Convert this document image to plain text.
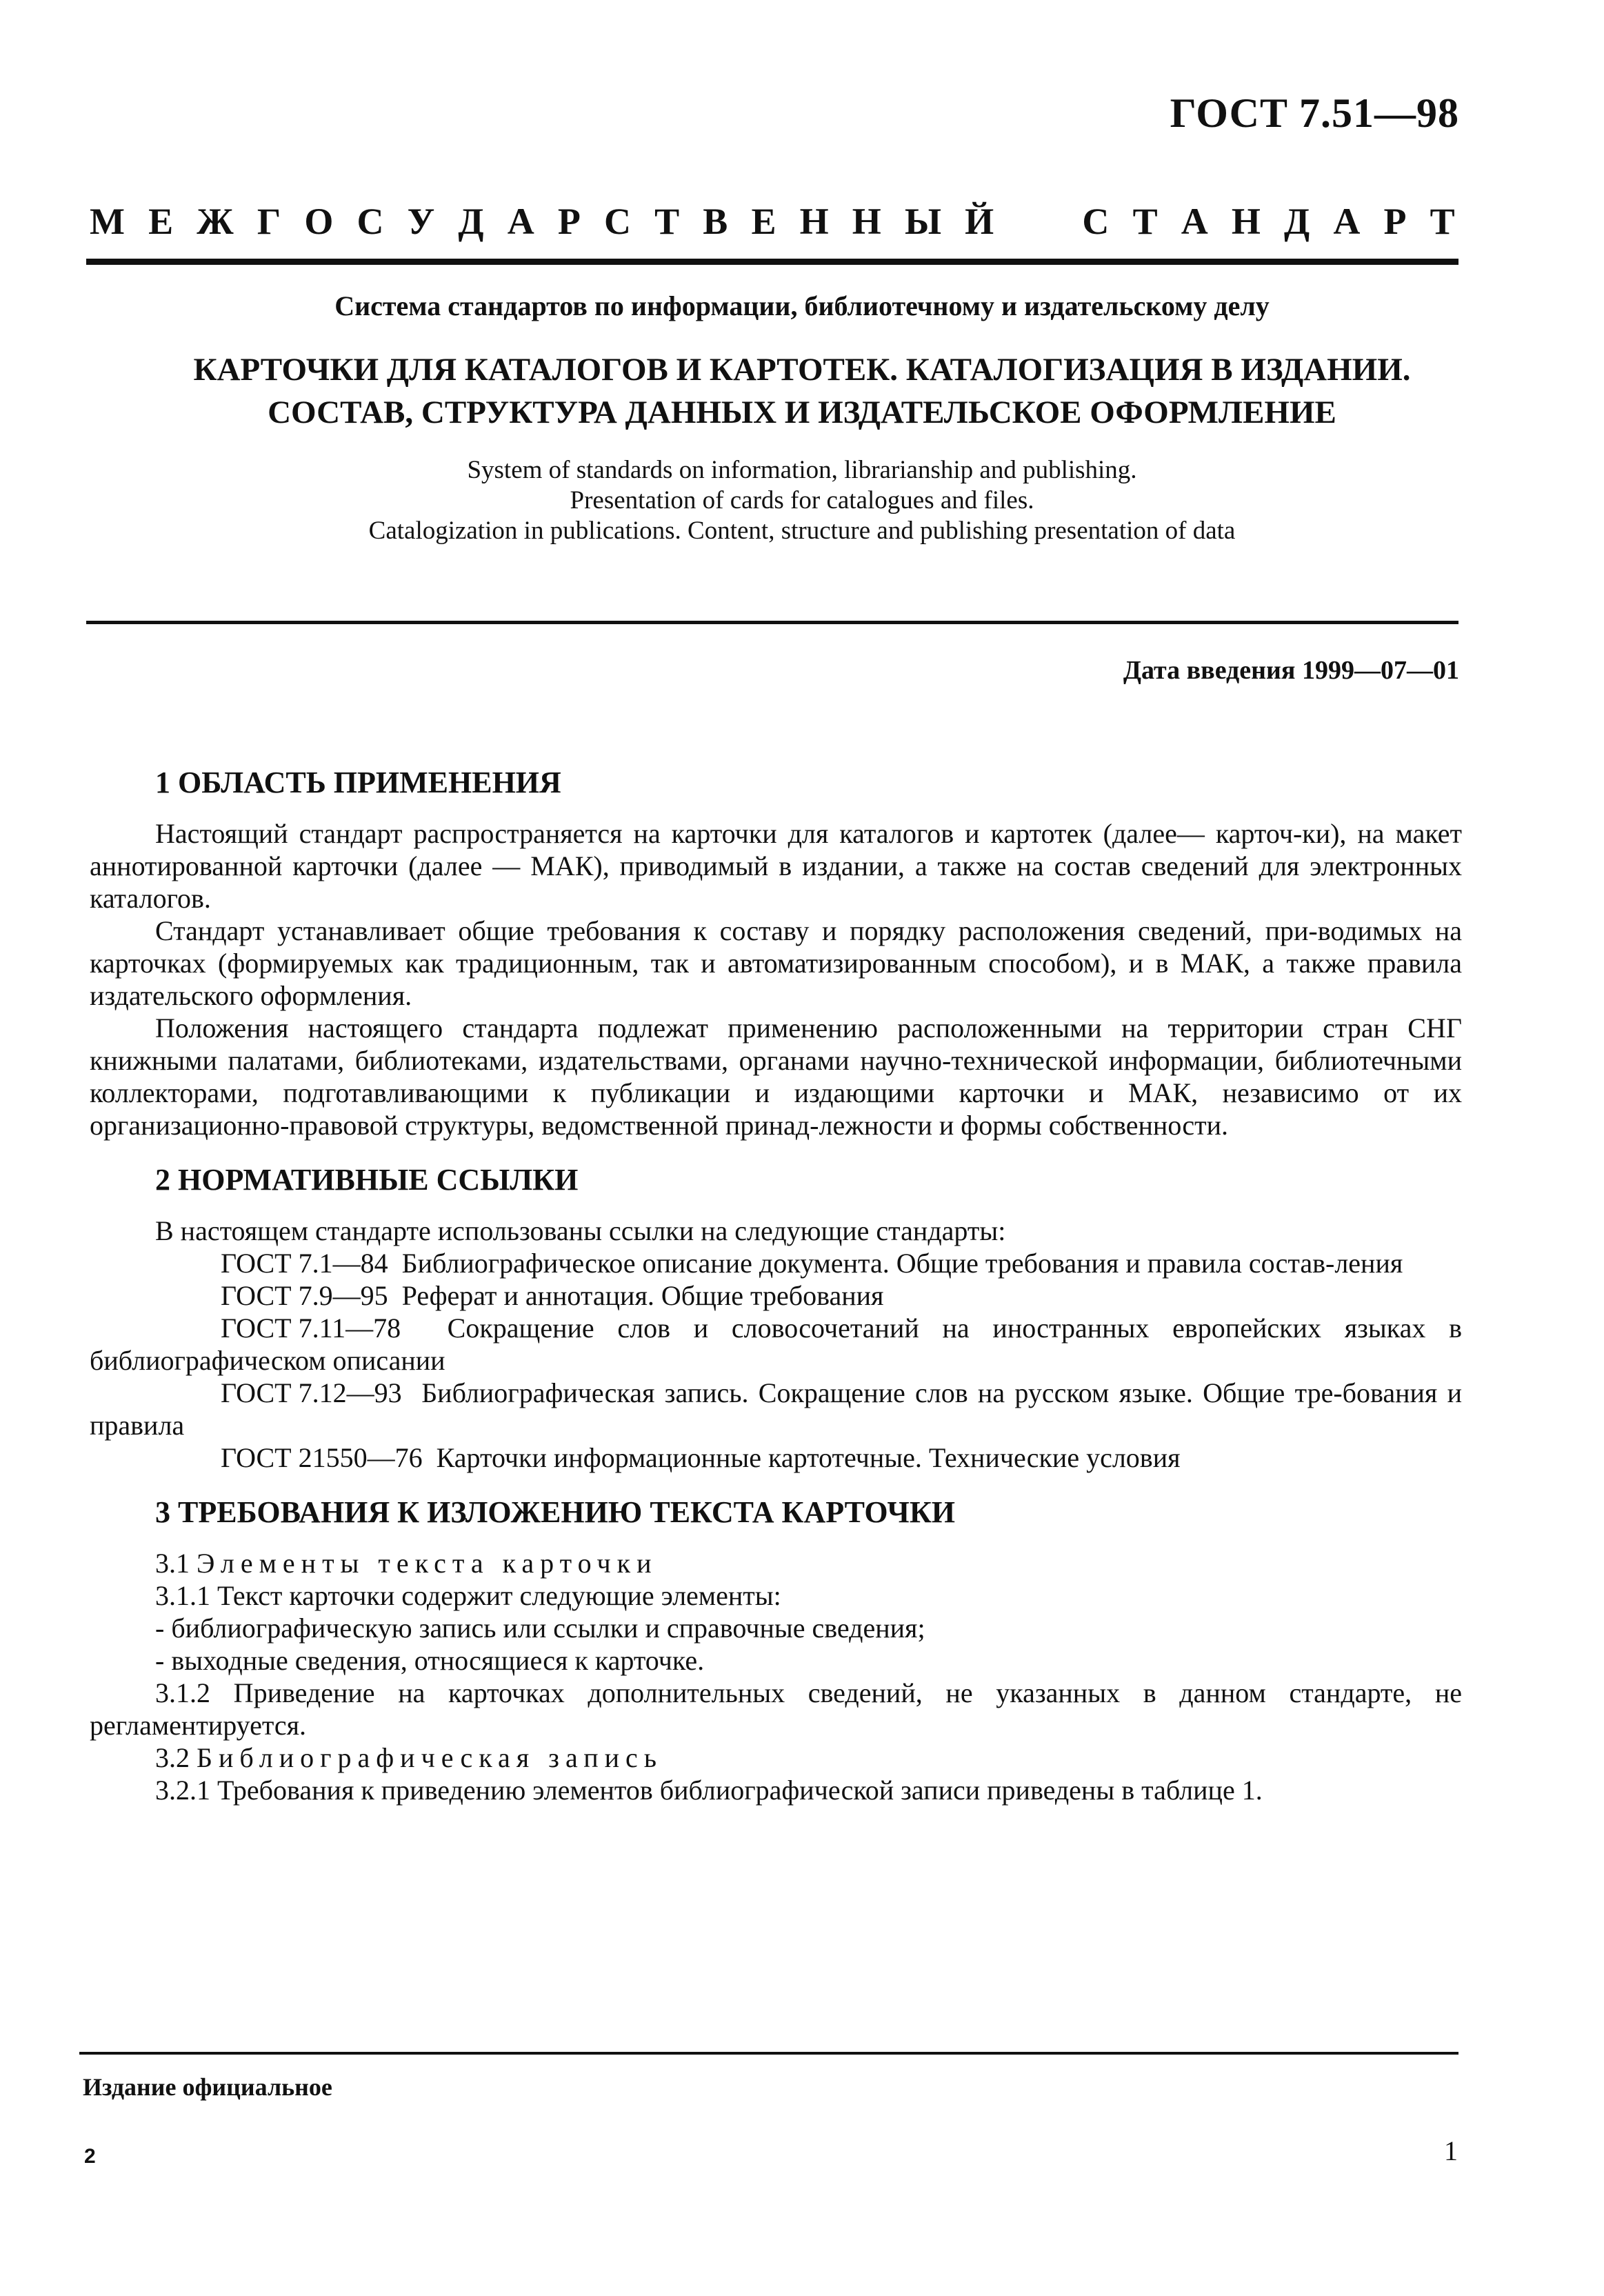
ГОСТ 7.51—98
М Е Ж Г О С У Д А Р С Т В Е Н Н Ы Й С Т А Н Д А Р Т
Система стандартов по информации, библиотечному и издательскому делу
КАРТОЧКИ ДЛЯ КАТАЛОГОВ И КАРТОТЕК. КАТАЛОГИЗАЦИЯ В ИЗДАНИИ.
СОСТАВ, СТРУКТУРА ДАННЫХ И ИЗДАТЕЛЬСКОЕ ОФОРМЛЕНИЕ
System of standards on information, librarianship and publishing.
Presentation of cards for catalogues and files.
Catalogization in publications. Content, structure and publishing presentation of data
Дата введения 1999—07—01
1 ОБЛАСТЬ ПРИМЕНЕНИЯ

Настоящий стандарт распространяется на карточки для каталогов и картотек (далее— карточ-ки), на макет аннотированной карточки (далее — МАК), приводимый в издании, а также на состав сведений для электронных каталогов.

Стандарт устанавливает общие требования к составу и порядку расположения сведений, при-водимых на карточках (формируемых как традиционным, так и автоматизированным способом), и в МАК, а также правила издательского оформления.

Положения настоящего стандарта подлежат применению расположенными на территории стран СНГ книжными палатами, библиотеками, издательствами, органами научно-технической информации, библиотечными коллекторами, подготавливающими к публикации и издающими карточки и МАК, независимо от их организационно-правовой структуры, ведомственной принад-лежности и формы собственности.

2 НОРМАТИВНЫЕ ССЫЛКИ

В настоящем стандарте использованы ссылки на следующие стандарты:

ГОСТ 7.1—84 Библиографическое описание документа. Общие требования и правила состав-ления

ГОСТ 7.9—95 Реферат и аннотация. Общие требования

ГОСТ 7.11—78 Сокращение слов и словосочетаний на иностранных европейских языках в библиографическом описании

ГОСТ 7.12—93 Библиографическая запись. Сокращение слов на русском языке. Общие тре-бования и правила

ГОСТ 21550—76 Карточки информационные картотечные. Технические условия

3 ТРЕБОВАНИЯ К ИЗЛОЖЕНИЮ ТЕКСТА КАРТОЧКИ

3.1 Элементы текста карточки

3.1.1 Текст карточки содержит следующие элементы:

- библиографическую запись или ссылки и справочные сведения;

- выходные сведения, относящиеся к карточке.

3.1.2 Приведение на карточках дополнительных сведений, не указанных в данном стандарте, не регламентируется.

3.2 Библиографическая запись

3.2.1 Требования к приведению элементов библиографической записи приведены в таблице 1.

Издание официальное
2	1
